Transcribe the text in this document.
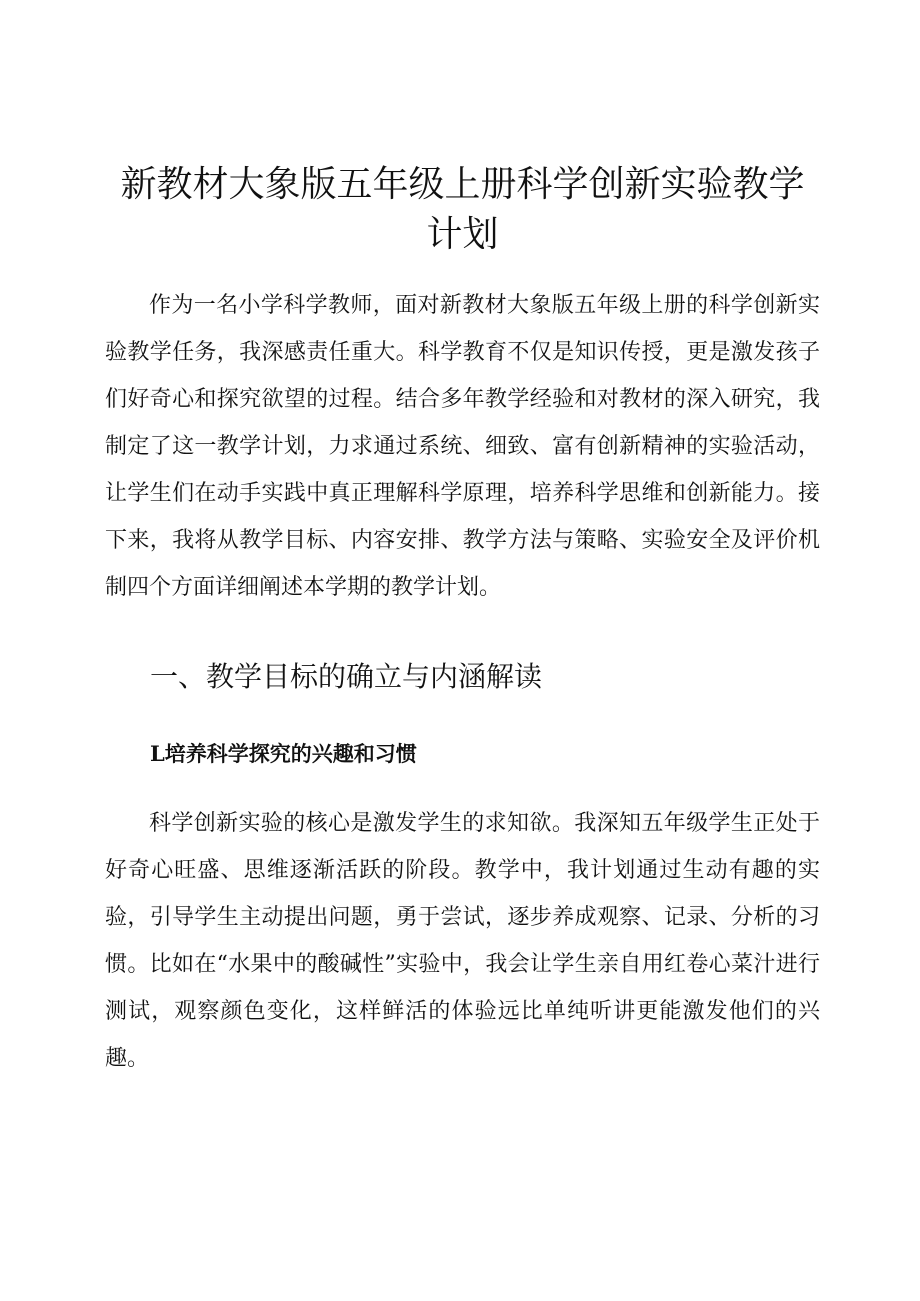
新教材大象版五年级上册科学创新实验教学计划

作为一名小学科学教师，面对新教材大象版五年级上册的科学创新实验教学任务，我深感责任重大。科学教育不仅是知识传授，更是激发孩子们好奇心和探究欲望的过程。结合多年教学经验和对教材的深入研究，我制定了这一教学计划，力求通过系统、细致、富有创新精神的实验活动，让学生们在动手实践中真正理解科学原理，培养科学思维和创新能力。接下来，我将从教学目标、内容安排、教学方法与策略、实验安全及评价机制四个方面详细阐述本学期的教学计划。

一、教学目标的确立与内涵解读
L培养科学探究的兴趣和习惯

科学创新实验的核心是激发学生的求知欲。我深知五年级学生正处于好奇心旺盛、思维逐渐活跃的阶段。教学中，我计划通过生动有趣的实验，引导学生主动提出问题，勇于尝试，逐步养成观察、记录、分析的习惯。比如在“水果中的酸碱性”实验中，我会让学生亲自用红卷心菜汁进行测试，观察颜色变化，这样鲜活的体验远比单纯听讲更能激发他们的兴趣。
